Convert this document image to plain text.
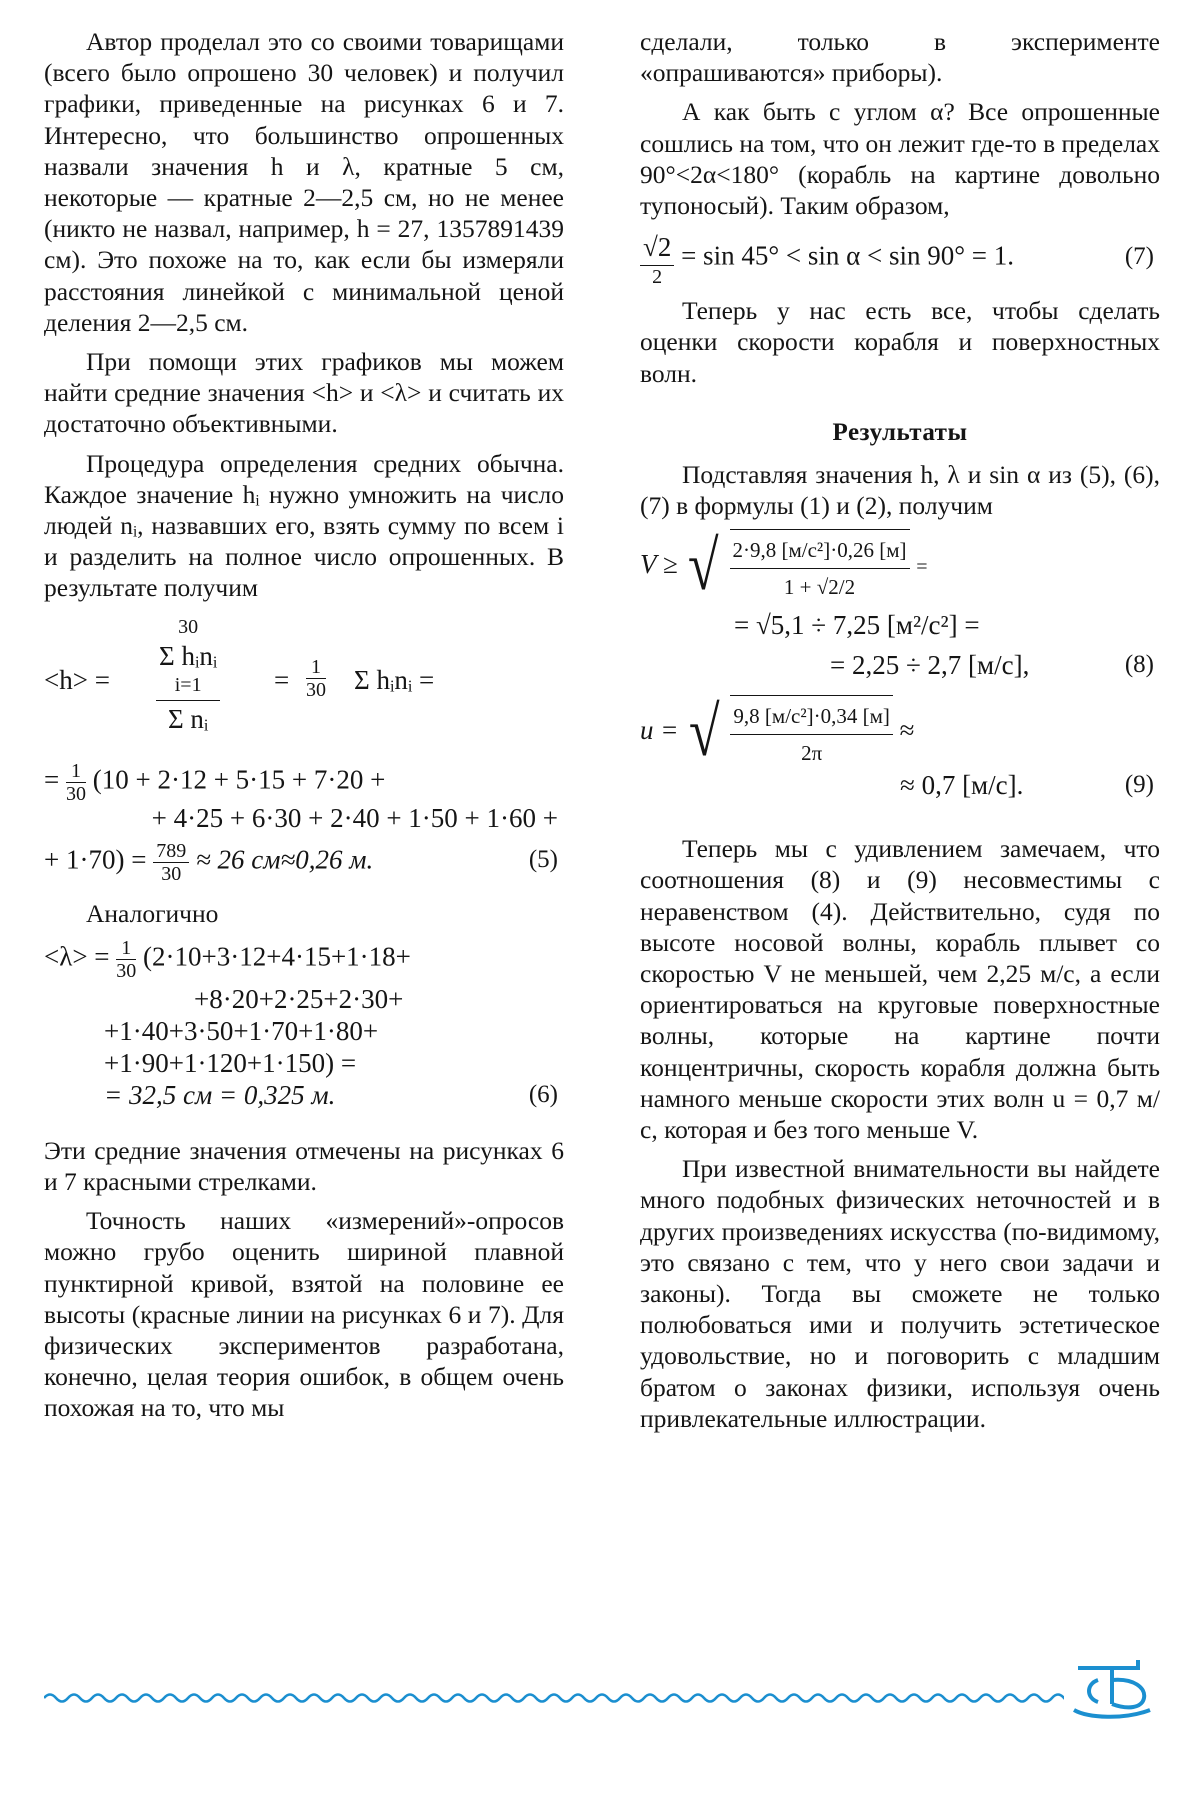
Автор проделал это со своими товарищами (всего было опрошено 30 человек) и получил графики, приведенные на рисунках 6 и 7. Интересно, что большинство опрошенных назвали значения h и λ, кратные 5 см, некоторые — кратные 2—2,5 см, но не менее (никто не назвал, например, h = 27, 1357891439 см). Это похоже на то, как если бы измеряли расстояния линейкой с минимальной ценой деления 2—2,5 см.

При помощи этих графиков мы можем найти средние значения <h> и <λ> и считать их достаточно объективными.

Процедура определения средних обычна. Каждое значение hᵢ нужно умножить на число людей nᵢ, назвавших его, взять сумму по всем i и разделить на полное число опрошенных. В результате получим

<h> =
30
Σ hᵢnᵢ
i=1
Σ nᵢ
= $\frac{1}{30}$ Σ hᵢnᵢ =
= $\frac{1}{30} (10 + 2\cdot 12 + 5\cdot 15 + 7\cdot 20$ +
+ 4·25 + 6·30 + 2·40 + 1·50 + 1·60 +
+ $1\cdot 70) = \frac{789}{30} \approx 26$ см≈0,26 м.	(5)

Аналогично

$<\lambda> = \frac{1}{30} (2\cdot 10+3\cdot 12+4\cdot 15+1\cdot 18+$
+8·20+2·25+2·30+
+1·40+3·50+1·70+1·80+
+1·90+1·120+1·150) =
= 32,5 см = 0,325 м.	(6)

Эти средние значения отмечены на рисунках 6 и 7 красными стрелками.

Точность наших «измерений»-опросов можно грубо оценить шириной плавной пунктирной кривой, взятой на половине ее высоты (красные линии на рисунках 6 и 7). Для физических экспериментов разработана, конечно, целая теория ошибок, в общем очень похожая на то, что мы

сделали, только в эксперименте «опрашиваются» приборы).

А как быть с углом α? Все опрошенные сошлись на том, что он лежит где-то в пределах 90°<2α<180° (корабль на картине довольно тупоносый). Таким образом,

$\frac{√2}{2} = \sin 45^\circ < \sin \alpha < \sin 90^\circ = 1$.	(7)

Теперь у нас есть все, чтобы сделать оценки скорости корабля и поверхностных волн.

Результаты

Подставляя значения h, λ и sin α из (5), (6), (7) в формулы (1) и (2), получим

V ≥ √ $\frac{\text{2·9,8 [м/с²]·0,26 [м]}}{1 + √2/2}$ =
= √5,1 ÷ 7,25 [м²/с²] =
= 2,25 ÷ 2,7 [м/с],	(8)
u = √ $\frac{\text{9,8 [м/с²]·0,34 [м]}}{2\pi}$ ≈
≈ 0,7 [м/с].	(9)

Теперь мы с удивлением замечаем, что соотношения (8) и (9) несовместимы с неравенством (4). Действительно, судя по высоте носовой волны, корабль плывет со скоростью V не меньшей, чем 2,25 м/с, а если ориентироваться на круговые поверхностные волны, которые на картине почти концентричны, скорость корабля должна быть намного меньше скорости этих волн u = 0,7 м/с, которая и без того меньше V.

При известной внимательности вы найдете много подобных физических неточностей и в других произведениях искусства (по-видимому, это связано с тем, что у него свои задачи и законы). Тогда вы сможете не только полюбоваться ими и получить эстетическое удовольствие, но и поговорить с младшим братом о законах физики, используя очень привлекательные иллюстрации.
